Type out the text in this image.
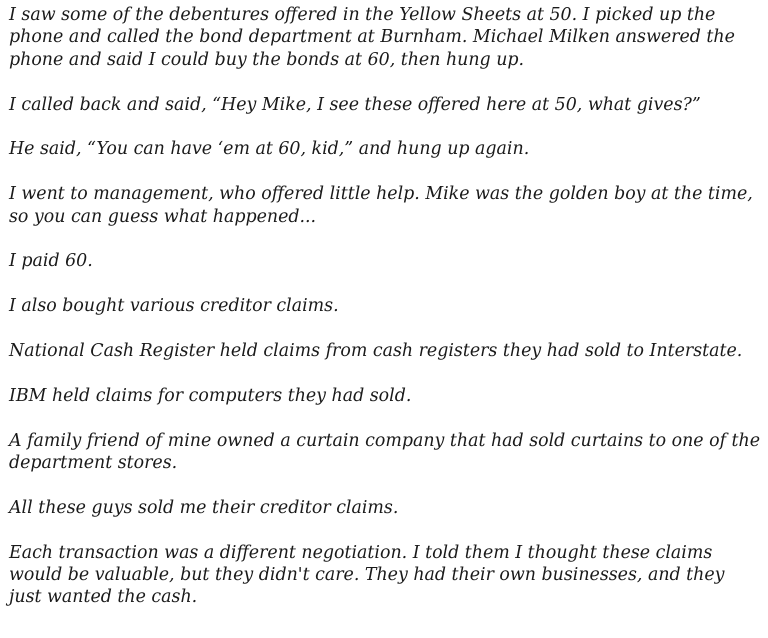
I saw some of the debentures offered in the Yellow Sheets at 50. I picked up the phone and called the bond department at Burnham. Michael Milken answered the phone and said I could buy the bonds at 60, then hung up.

I called back and said, “Hey Mike, I see these offered here at 50, what gives?”

He said, “You can have ‘em at 60, kid,” and hung up again.

I went to management, who offered little help. Mike was the golden boy at the time, so you can guess what happened...

I paid 60.

I also bought various creditor claims.

National Cash Register held claims from cash registers they had sold to Interstate.

IBM held claims for computers they had sold.

A family friend of mine owned a curtain company that had sold curtains to one of the department stores.

All these guys sold me their creditor claims.

Each transaction was a different negotiation. I told them I thought these claims would be valuable, but they didn't care. They had their own businesses, and they just wanted the cash.
